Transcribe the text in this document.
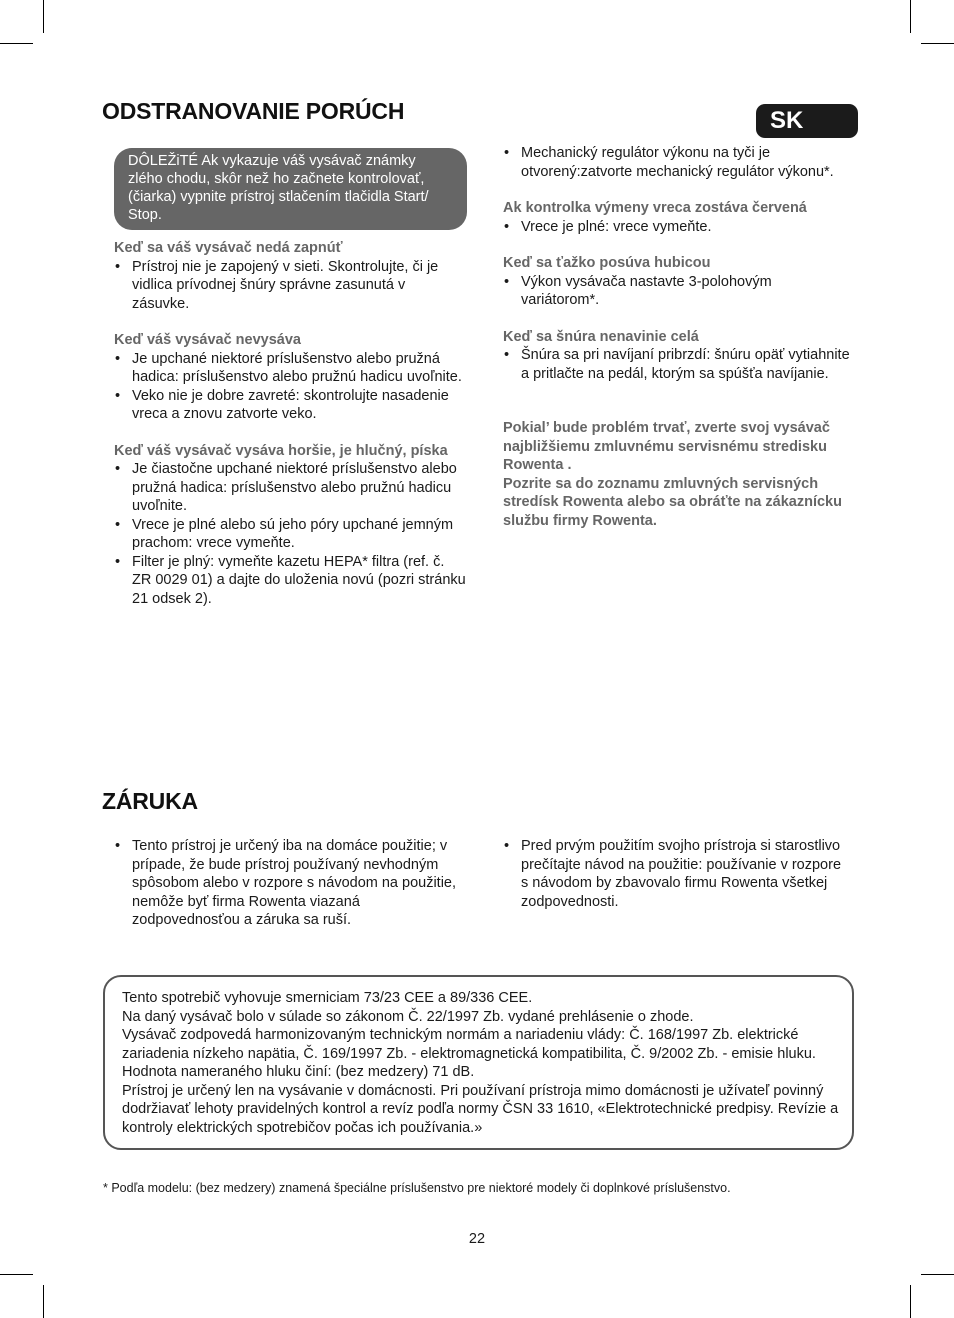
ODSTRANOVANIE PORÚCH	SK
DÔLEŽiTÉ Ak vykazuje váš vysávač známky zlého chodu, skôr než ho začnete kontrolovať, (čiarka) vypnite prístroj stlačením tlačidla Start/ Stop.

Keď sa váš vysávač nedá zapnúť

• Prístroj nie je zapojený v sieti. Skontrolujte, či je vidlica prívodnej šnúry správne zasunutá v zásuvke.

Keď váš vysávač nevysáva

• Je upchané niektoré príslušenstvo alebo pružná hadica: príslušenstvo alebo pružnú hadicu uvoľnite.
• Veko nie je dobre zavreté: skontrolujte nasadenie vreca a znovu zatvorte veko.

Keď váš vysávač vysáva horšie, je hlučný, píska

• Je čiastočne upchané niektoré príslušenstvo alebo pružná hadica: príslušenstvo alebo pružnú hadicu uvoľnite.
• Vrece je plné alebo sú jeho póry upchané jemným prachom: vrece vymeňte.
• Filter je plný: vymeňte kazetu HEPA* filtra (ref. č. ZR 0029 01) a dajte do uloženia novú (pozri stránku 21 odsek 2).
• Mechanický regulátor výkonu na tyči je otvorený:zatvorte mechanický regulátor výkonu*.

Ak kontrolka výmeny vreca zostáva červená

• Vrece je plné: vrece vymeňte.

Keď sa ťažko posúva hubicou

• Výkon vysávača nastavte 3-polohovým variátorom*.

Keď sa šnúra nenavinie celá

• Šnúra sa pri navíjaní pribrzdí: šnúru opäť vytiahnite a pritlačte na pedál, ktorým sa spúšťa navíjanie.
Pokial’ bude problém trvať, zverte svoj vysávač najbližšiemu zmluvnému servisnému stredisku Rowenta .
Pozrite sa do zoznamu zmluvných servisných stredísk Rowenta alebo sa obráťte na zákaznícku službu firmy Rowenta.
ZÁRUKA
• Tento prístroj je určený iba na domáce použitie; v prípade, že bude prístroj používaný nevhodným spôsobom alebo v rozpore s návodom na použitie, nemôže byť firma Rowenta viazaná zodpovednosťou a záruka sa ruší.
• Pred prvým použitím svojho prístroja si starostlivo prečítajte návod na použitie: používanie v rozpore s návodom by zbavovalo firmu Rowenta všetkej zodpovednosti.
Tento spotrebič vyhovuje smerniciam 73/23 CEE a 89/336 CEE.
Na daný vysávač bolo v súlade so zákonom Č. 22/1997 Zb. vydané prehlásenie o zhode.
Vysávač zodpovedá harmonizovaným technickým normám a nariadeniu vlády: Č. 168/1997 Zb. elektrické zariadenia nízkeho napätia, Č. 169/1997 Zb. - elektromagnetická kompatibilita, Č. 9/2002 Zb. - emisie hluku. Hodnota nameraného hluku činí: (bez medzery) 71 dB.
Prístroj je určený len na vysávanie v domácnosti. Pri používaní prístroja mimo domácnosti je užívateľ povinný dodržiavať lehoty pravidelných kontrol a revíz podľa normy ČSN 33 1610, «Elektrotechnické predpisy. Revízie a kontroly elektrických spotrebičov počas ich používania.»
* Podľa modelu: (bez medzery) znamená špeciálne príslušenstvo pre niektoré modely či doplnkové príslušenstvo.
22
